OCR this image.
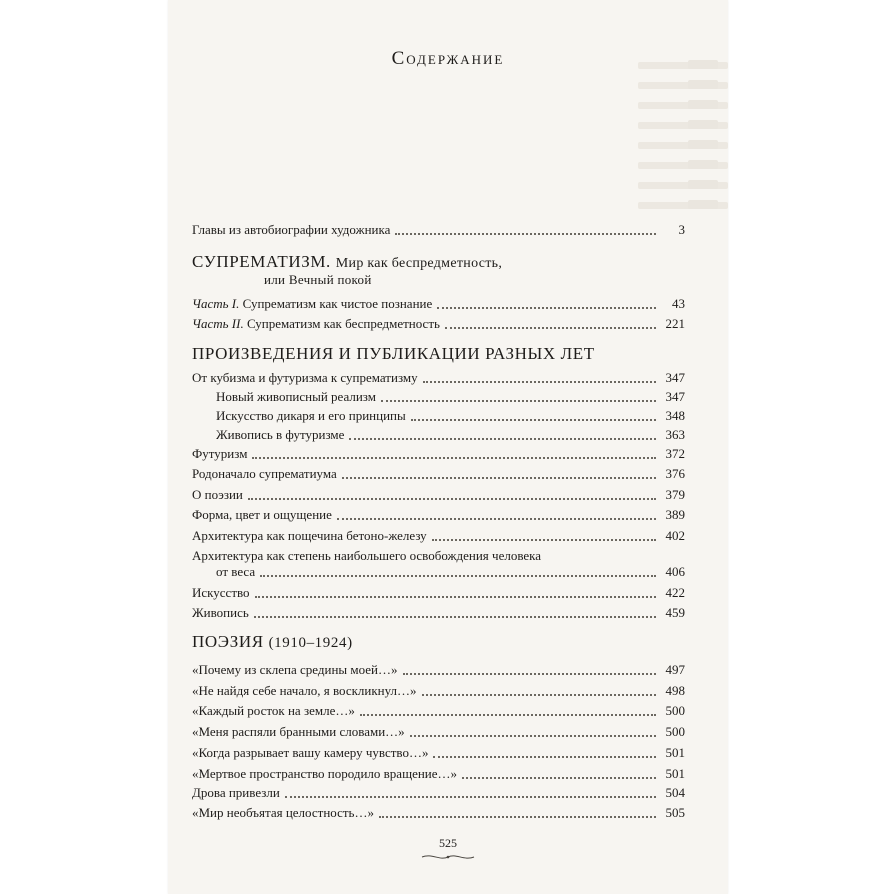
Содержание
Главы из автобиографии художника	3
СУПРЕМАТИЗМ. Мир как беспредметность,
или Вечный покой
Часть I. Супрематизм как чистое познание	43
Часть II. Супрематизм как беспредметность	221
ПРОИЗВЕДЕНИЯ И ПУБЛИКАЦИИ РАЗНЫХ ЛЕТ
От кубизма и футуризма к супрематизму	347
Новый живописный реализм	347
Искусство дикаря и его принципы	348
Живопись в футуризме	363
Футуризм	372
Родоначало супрематиума	376
О поэзии	379
Форма, цвет и ощущение	389
Архитектура как пощечина бетоно-железу	402
Архитектура как степень наибольшего освобождения человека
от веса	406
Искусство	422
Живопись	459
ПОЭЗИЯ (1910–1924)
«Почему из склепа средины моей…»	497
«Не найдя себе начало, я воскликнул…»	498
«Каждый росток на земле…»	500
«Меня распяли бранными словами…»	500
«Когда разрывает вашу камеру чувство…»	501
«Мертвое пространство породило вращение…»	501
Дрова привезли	504
«Мир необъятая целостность…»	505
525
